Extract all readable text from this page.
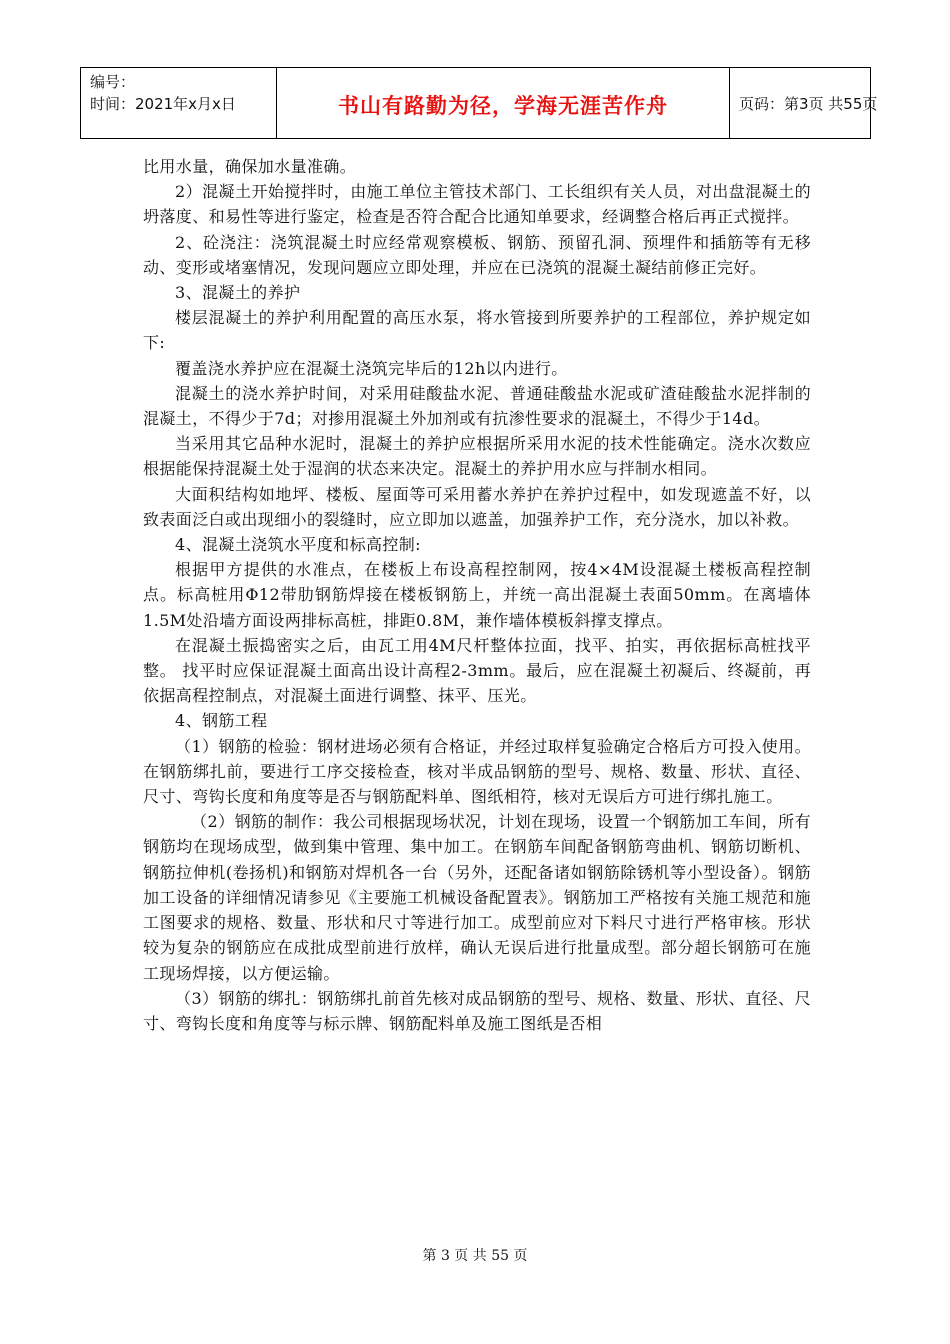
编号：
时间：2021年x月x日	书山有路勤为径，学海无涯苦作舟	页码：第3页 共55页

比用水量，确保加水量准确。

2）混凝土开始搅拌时，由施工单位主管技术部门、工长组织有关人员，对出盘混凝土的坍落度、和易性等进行鉴定，检查是否符合配合比通知单要求，经调整合格后再正式搅拌。

2、砼浇注：浇筑混凝土时应经常观察模板、钢筋、预留孔洞、预埋件和插筋等有无移动、变形或堵塞情况，发现问题应立即处理，并应在已浇筑的混凝土凝结前修正完好。

3、混凝土的养护

楼层混凝土的养护利用配置的高压水泵，将水管接到所要养护的工程部位，养护规定如下:

覆盖浇水养护应在混凝土浇筑完毕后的12h以内进行。

混凝土的浇水养护时间，对采用硅酸盐水泥、普通硅酸盐水泥或矿渣硅酸盐水泥拌制的混凝土，不得少于7d；对掺用混凝土外加剂或有抗渗性要求的混凝土，不得少于14d。

当采用其它品种水泥时，混凝土的养护应根据所采用水泥的技术性能确定。浇水次数应根据能保持混凝土处于湿润的状态来决定。混凝土的养护用水应与拌制水相同。

大面积结构如地坪、楼板、屋面等可采用蓄水养护在养护过程中，如发现遮盖不好，以致表面泛白或出现细小的裂缝时，应立即加以遮盖，加强养护工作，充分浇水，加以补救。

4、混凝土浇筑水平度和标高控制:

根据甲方提供的水准点，在楼板上布设高程控制网，按4×4M设混凝土楼板高程控制点。标高桩用Φ12带肋钢筋焊接在楼板钢筋上，并统一高出混凝土表面50mm。在离墙体1.5M处沿墙方面设两排标高桩，排距0.8M，兼作墙体模板斜撑支撑点。

在混凝土振捣密实之后，由瓦工用4M尺杆整体拉面，找平、拍实，再依据标高桩找平整。 找平时应保证混凝土面高出设计高程2-3mm。最后，应在混凝土初凝后、终凝前，再依据高程控制点，对混凝土面进行调整、抹平、压光。

4、钢筋工程

（1）钢筋的检验：钢材进场必须有合格证，并经过取样复验确定合格后方可投入使用。在钢筋绑扎前，要进行工序交接检查，核对半成品钢筋的型号、规格、数量、形状、直径、尺寸、弯钩长度和角度等是否与钢筋配料单、图纸相符，核对无误后方可进行绑扎施工。

（2）钢筋的制作：我公司根据现场状况，计划在现场，设置一个钢筋加工车间，所有钢筋均在现场成型，做到集中管理、集中加工。在钢筋车间配备钢筋弯曲机、钢筋切断机、钢筋拉伸机(卷扬机)和钢筋对焊机各一台（另外，还配备诸如钢筋除锈机等小型设备）。钢筋加工设备的详细情况请参见《主要施工机械设备配置表》。钢筋加工严格按有关施工规范和施工图要求的规格、数量、形状和尺寸等进行加工。成型前应对下料尺寸进行严格审核。形状较为复杂的钢筋应在成批成型前进行放样，确认无误后进行批量成型。部分超长钢筋可在施工现场焊接，以方便运输。

（3）钢筋的绑扎：钢筋绑扎前首先核对成品钢筋的型号、规格、数量、形状、直径、尺寸、弯钩长度和角度等与标示牌、钢筋配料单及施工图纸是否相

第 3 页 共 55 页
